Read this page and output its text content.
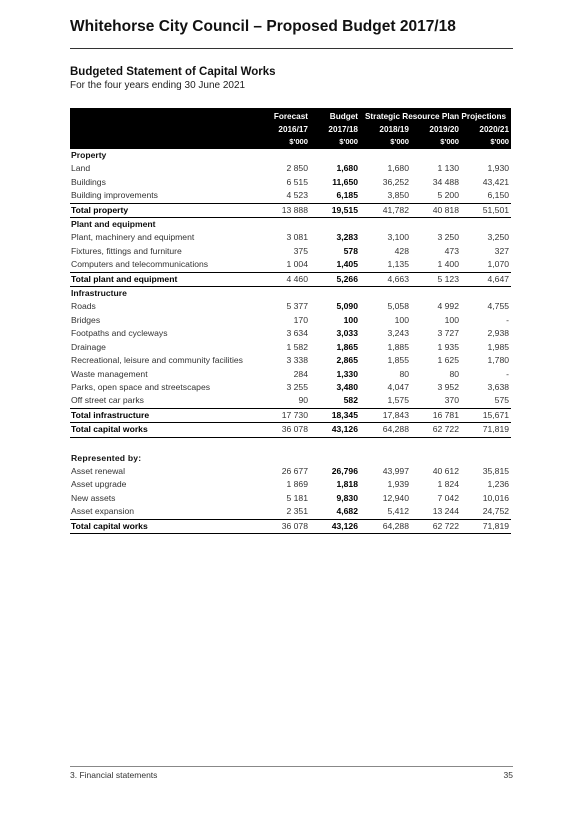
Whitehorse City Council – Proposed Budget 2017/18
Budgeted Statement of Capital Works

For the four years ending 30 June 2021

	Forecast	Budget	Strategic Resource Plan Projections		
	2016/17	2017/18	2018/19	2019/20	2020/21
	$'000	$'000	$'000	$'000	$'000
Property					
Land	2 850	1,680	1,680	1 130	1,930
Buildings	6 515	11,650	36,252	34 488	43,421
Building improvements	4 523	6,185	3,850	5 200	6,150
Total property	13 888	19,515	41,782	40 818	51,501
Plant and equipment					
Plant, machinery and equipment	3 081	3,283	3,100	3 250	3,250
Fixtures, fittings and furniture	375	578	428	473	327
Computers and telecommunications	1 004	1,405	1,135	1 400	1,070
Total plant and equipment	4 460	5,266	4,663	5 123	4,647
Infrastructure					
Roads	5 377	5,090	5,058	4 992	4,755
Bridges	170	100	100	100	-
Footpaths and cycleways	3 634	3,033	3,243	3 727	2,938
Drainage	1 582	1,865	1,885	1 935	1,985
Recreational, leisure and community facilities	3 338	2,865	1,855	1 625	1,780
Waste management	284	1,330	80	80	-
Parks, open space and streetscapes	3 255	3,480	4,047	3 952	3,638
Off street car parks	90	582	1,575	370	575
Total infrastructure	17 730	18,345	17,843	16 781	15,671
Total capital works	36 078	43,126	64,288	62 722	71,819

Represented by:					
Asset renewal	26 677	26,796	43,997	40 612	35,815
Asset upgrade	1 869	1,818	1,939	1 824	1,236
New assets	5 181	9,830	12,940	7 042	10,016
Asset expansion	2 351	4,682	5,412	13 244	24,752
Total capital works	36 078	43,126	64,288	62 722	71,819
3. Financial statements	35
